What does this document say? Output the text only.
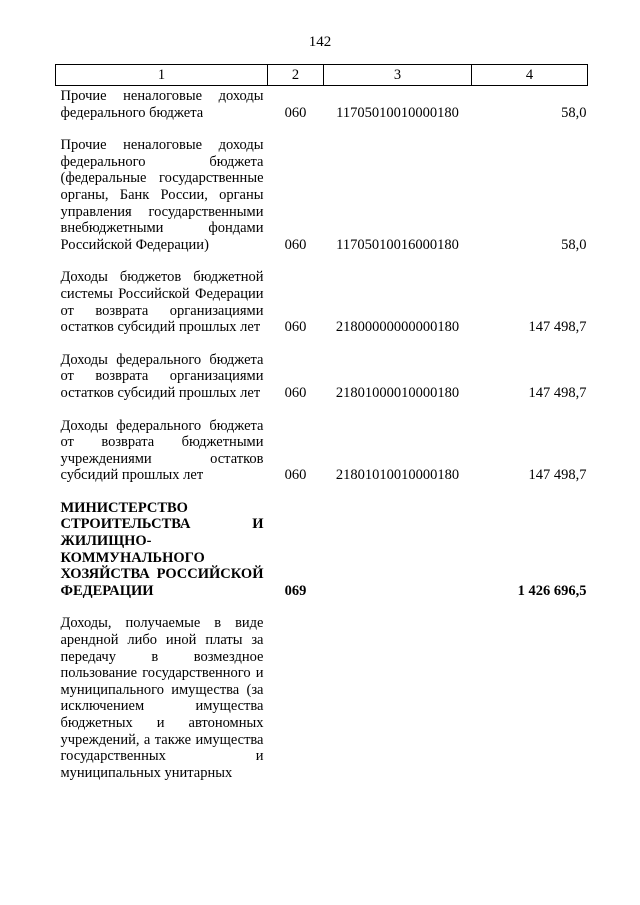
142
1	2	3	4
Прочие неналоговые доходы федерального бюджета	060	11705010010000180	58,0

Прочие неналоговые доходы федерального бюджета (федеральные государственные органы, Банк России, органы управления государственными внебюджетными фондами Российской Федерации)	060	11705010016000180	58,0

Доходы бюджетов бюджетной системы Российской Федерации от возврата организациями остатков субсидий прошлых лет	060	21800000000000180	147 498,7

Доходы федерального бюджета от возврата организациями остатков субсидий прошлых лет	060	21801000010000180	147 498,7

Доходы федерального бюджета от возврата бюджетными учреждениями остатков субсидий прошлых лет	060	21801010010000180	147 498,7

МИНИСТЕРСТВО СТРОИТЕЛЬСТВА И ЖИЛИЩНО-КОММУНАЛЬНОГО ХОЗЯЙСТВА РОССИЙСКОЙ ФЕДЕРАЦИИ	069		1 426 696,5

Доходы, получаемые в виде арендной либо иной платы за передачу в возмездное пользование государственного и муниципального имущества (за исключением имущества бюджетных и автономных учреждений, а также имущества государственных и муниципальных унитарных			
